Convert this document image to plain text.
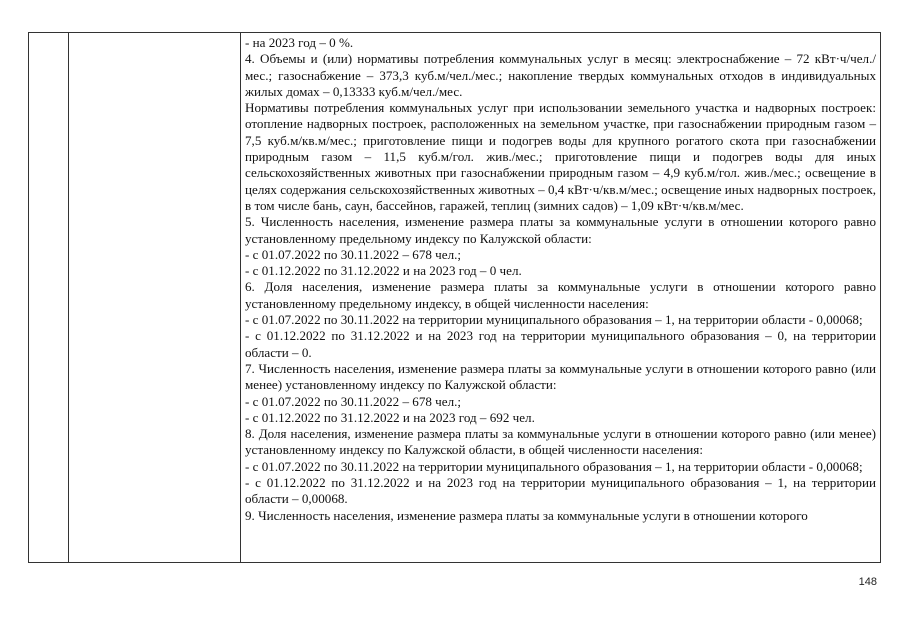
- на 2023 год – 0 %.

4. Объемы и (или) нормативы потребления коммунальных услуг в месяц: электроснабжение – 72 кВт·ч/чел./мес.; газоснабжение – 373,3 куб.м/чел./мес.; накопление твердых коммунальных отходов в индивидуальных жилых домах – 0,13333 куб.м/чел./мес.

Нормативы потребления коммунальных услуг при использовании земельного участка и надворных построек: отопление надворных построек, расположенных на земельном участке, при газоснабжении природным газом – 7,5 куб.м/кв.м/мес.; приготовление пищи и подогрев воды для крупного рогатого скота при газоснабжении природным газом – 11,5 куб.м/гол. жив./мес.; приготовление пищи и подогрев воды для иных сельскохозяйственных животных при газоснабжении природным газом – 4,9 куб.м/гол. жив./мес.; освещение в целях содержания сельскохозяйственных животных – 0,4 кВт·ч/кв.м/мес.; освещение иных надворных построек, в том числе бань, саун, бассейнов, гаражей, теплиц (зимних садов) – 1,09 кВт·ч/кв.м/мес.

5. Численность населения, изменение размера платы за коммунальные услуги в отношении которого равно установленному предельному индексу по Калужской области:

- с 01.07.2022 по 30.11.2022 – 678 чел.;

- с 01.12.2022 по 31.12.2022 и на 2023 год – 0 чел.

6. Доля населения, изменение размера платы за коммунальные услуги в отношении которого равно установленному предельному индексу, в общей численности населения:

- с 01.07.2022 по 30.11.2022 на территории муниципального образования – 1, на территории области - 0,00068;

- с 01.12.2022 по 31.12.2022 и на 2023 год на территории муниципального образования – 0, на территории области – 0.

7. Численность населения, изменение размера платы за коммунальные услуги в отношении которого равно (или менее) установленному индексу по Калужской области:

- с 01.07.2022 по 30.11.2022 – 678 чел.;

- с 01.12.2022 по 31.12.2022 и на 2023 год – 692 чел.

8. Доля населения, изменение размера платы за коммунальные услуги в отношении которого равно (или менее) установленному индексу по Калужской области, в общей численности населения:

- с 01.07.2022 по 30.11.2022 на территории муниципального образования – 1, на территории области - 0,00068;

- с 01.12.2022 по 31.12.2022 и на 2023 год на территории муниципального образования – 1, на территории области – 0,00068.

9. Численность населения, изменение размера платы за коммунальные услуги в отношении которого

148
